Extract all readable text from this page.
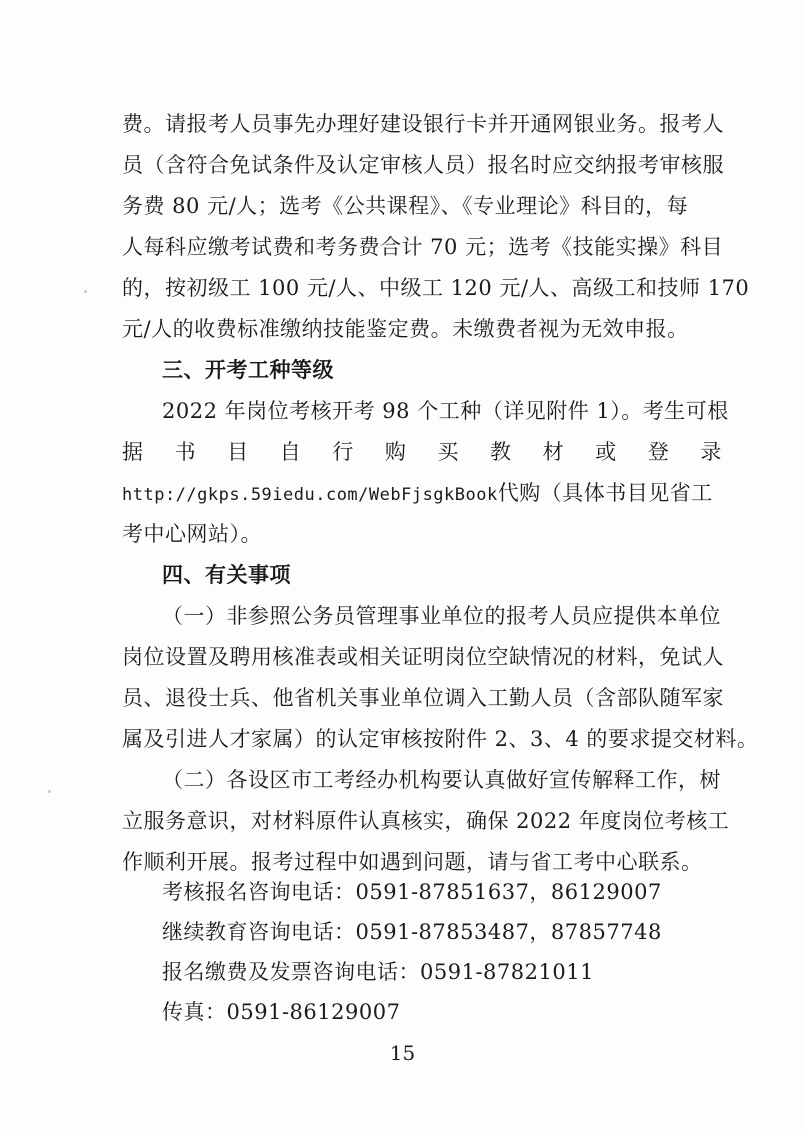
费。请报考人员事先办理好建设银行卡并开通网银业务。报考人
员（含符合免试条件及认定审核人员）报名时应交纳报考审核服
务费 80 元/人；选考《公共课程》、《专业理论》科目的，每
人每科应缴考试费和考务费合计 70 元；选考《技能实操》科目
的，按初级工 100 元/人、中级工 120 元/人、高级工和技师 170
元/人的收费标准缴纳技能鉴定费。未缴费者视为无效申报。
三、开考工种等级
2022 年岗位考核开考 98 个工种（详见附件 1）。考生可根
据 书 目 自 行 购 买 教 材 或 登 录
http://gkps.59iedu.com/WebFjsgkBook代购（具体书目见省工
考中心网站）。
四、有关事项
（一）非参照公务员管理事业单位的报考人员应提供本单位
岗位设置及聘用核准表或相关证明岗位空缺情况的材料，免试人
员、退役士兵、他省机关事业单位调入工勤人员（含部队随军家
属及引进人才家属）的认定审核按附件 2、3、4 的要求提交材料。
（二）各设区市工考经办机构要认真做好宣传解释工作，树
立服务意识，对材料原件认真核实，确保 2022 年度岗位考核工
作顺利开展。报考过程中如遇到问题，请与省工考中心联系。
考核报名咨询电话：0591-87851637，86129007
继续教育咨询电话：0591-87853487，87857748
报名缴费及发票咨询电话：0591-87821011
传真：0591-86129007
15
